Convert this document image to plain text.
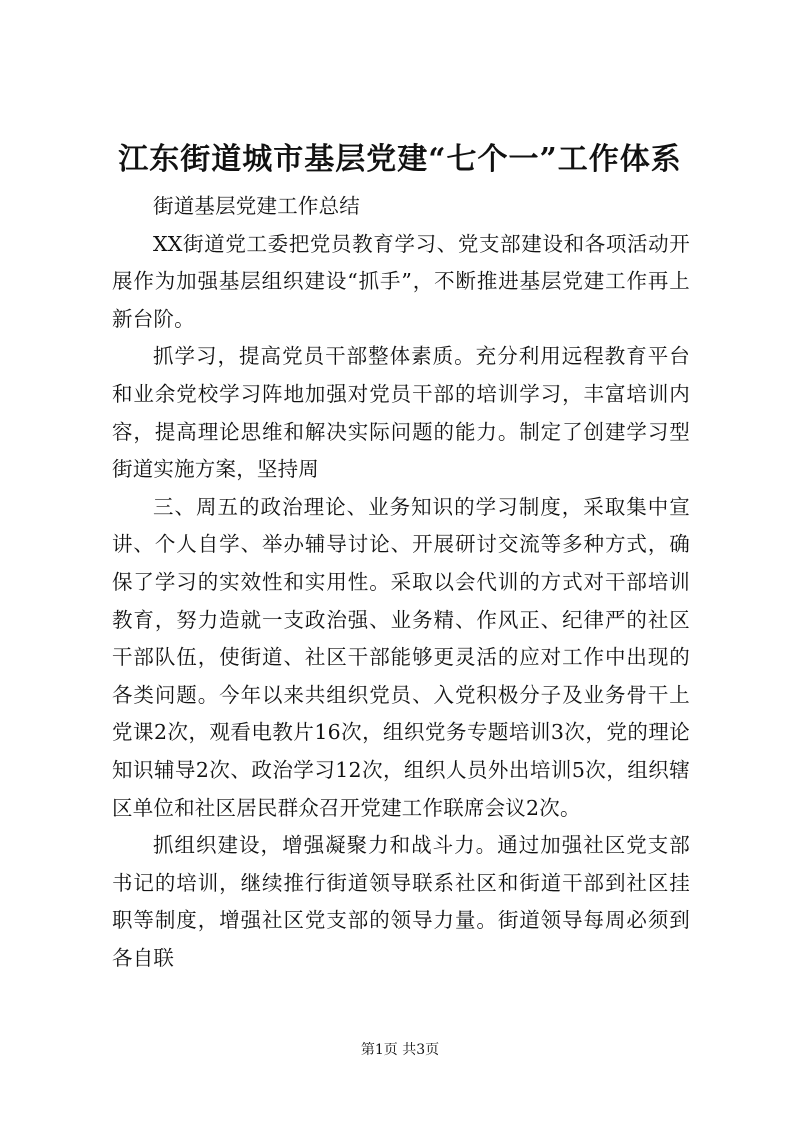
江东街道城市基层党建“七个一”工作体系

街道基层党建工作总结

XX街道党工委把党员教育学习、党支部建设和各项活动开展作为加强基层组织建设“抓手”，不断推进基层党建工作再上新台阶。

抓学习，提高党员干部整体素质。充分利用远程教育平台和业余党校学习阵地加强对党员干部的培训学习，丰富培训内容，提高理论思维和解决实际问题的能力。制定了创建学习型街道实施方案，坚持周

三、周五的政治理论、业务知识的学习制度，采取集中宣讲、个人自学、举办辅导讨论、开展研讨交流等多种方式，确保了学习的实效性和实用性。采取以会代训的方式对干部培训教育，努力造就一支政治强、业务精、作风正、纪律严的社区干部队伍，使街道、社区干部能够更灵活的应对工作中出现的各类问题。今年以来共组织党员、入党积极分子及业务骨干上党课2次，观看电教片16次，组织党务专题培训3次，党的理论知识辅导2次、政治学习12次，组织人员外出培训5次，组织辖区单位和社区居民群众召开党建工作联席会议2次。

抓组织建设，增强凝聚力和战斗力。通过加强社区党支部书记的培训，继续推行街道领导联系社区和街道干部到社区挂职等制度，增强社区党支部的领导力量。街道领导每周必须到各自联

第1页 共3页
